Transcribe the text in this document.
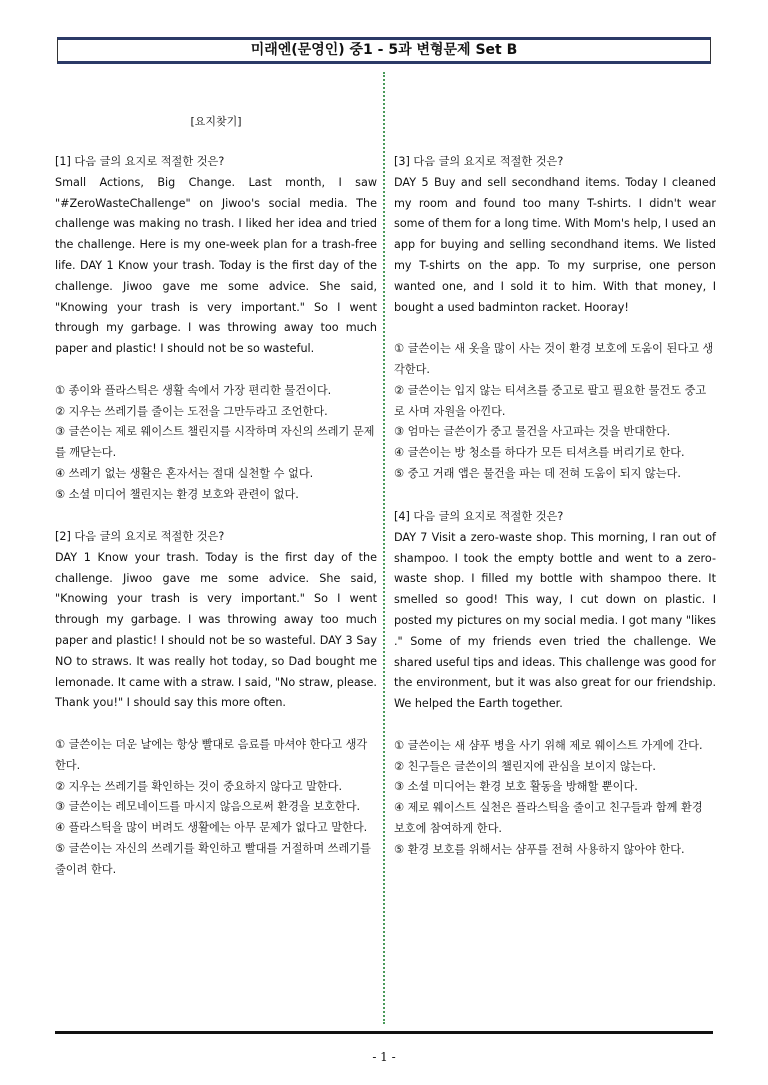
미래엔(문영인) 중1 - 5과 변형문제 Set B
[요지찾기]

[1] 다음 글의 요지로 적절한 것은?

Small Actions, Big Change. Last month, I saw "#ZeroWasteChallenge" on Jiwoo's social media. The challenge was making no trash. I liked her idea and tried the challenge. Here is my one-week plan for a trash-free life. DAY 1 Know your trash. Today is the first day of the challenge. Jiwoo gave me some advice. She said, "Knowing your trash is very important." So I went through my garbage. I was throwing away too much paper and plastic! I should not be so wasteful.

① 종이와 플라스틱은 생활 속에서 가장 편리한 물건이다.
② 지우는 쓰레기를 줄이는 도전을 그만두라고 조언한다.
③ 글쓴이는 제로 웨이스트 챌린지를 시작하며 자신의 쓰레기 문제를 깨닫는다.
④ 쓰레기 없는 생활은 혼자서는 절대 실천할 수 없다.
⑤ 소셜 미디어 챌린지는 환경 보호와 관련이 없다.

[2] 다음 글의 요지로 적절한 것은?

DAY 1 Know your trash. Today is the first day of the challenge. Jiwoo gave me some advice. She said, "Knowing your trash is very important." So I went through my garbage. I was throwing away too much paper and plastic! I should not be so wasteful. DAY 3 Say NO to straws. It was really hot today, so Dad bought me lemonade. It came with a straw. I said, "No straw, please. Thank you!" I should say this more often.

① 글쓴이는 더운 날에는 항상 빨대로 음료를 마셔야 한다고 생각한다.
② 지우는 쓰레기를 확인하는 것이 중요하지 않다고 말한다.
③ 글쓴이는 레모네이드를 마시지 않음으로써 환경을 보호한다.
④ 플라스틱을 많이 버려도 생활에는 아무 문제가 없다고 말한다.
⑤ 글쓴이는 자신의 쓰레기를 확인하고 빨대를 거절하며 쓰레기를 줄이려 한다.

[3] 다음 글의 요지로 적절한 것은?

DAY 5 Buy and sell secondhand items. Today I cleaned my room and found too many T-shirts. I didn't wear some of them for a long time. With Mom's help, I used an app for buying and selling secondhand items. We listed my T-shirts on the app. To my surprise, one person wanted one, and I sold it to him. With that money, I bought a used badminton racket. Hooray!

① 글쓴이는 새 옷을 많이 사는 것이 환경 보호에 도움이 된다고 생각한다.
② 글쓴이는 입지 않는 티셔츠를 중고로 팔고 필요한 물건도 중고로 사며 자원을 아낀다.
③ 엄마는 글쓴이가 중고 물건을 사고파는 것을 반대한다.
④ 글쓴이는 방 청소를 하다가 모든 티셔츠를 버리기로 한다.
⑤ 중고 거래 앱은 물건을 파는 데 전혀 도움이 되지 않는다.

[4] 다음 글의 요지로 적절한 것은?

DAY 7 Visit a zero-waste shop. This morning, I ran out of shampoo. I took the empty bottle and went to a zero-waste shop. I filled my bottle with shampoo there. It smelled so good! This way, I cut down on plastic. I posted my pictures on my social media. I got many "likes ." Some of my friends even tried the challenge. We shared useful tips and ideas. This challenge was good for the environment, but it was also great for our friendship. We helped the Earth together.

① 글쓴이는 새 샴푸 병을 사기 위해 제로 웨이스트 가게에 간다.
② 친구들은 글쓴이의 챌린지에 관심을 보이지 않는다.
③ 소셜 미디어는 환경 보호 활동을 방해할 뿐이다.
④ 제로 웨이스트 실천은 플라스틱을 줄이고 친구들과 함께 환경 보호에 참여하게 한다.
⑤ 환경 보호를 위해서는 샴푸를 전혀 사용하지 않아야 한다.
- 1 -
